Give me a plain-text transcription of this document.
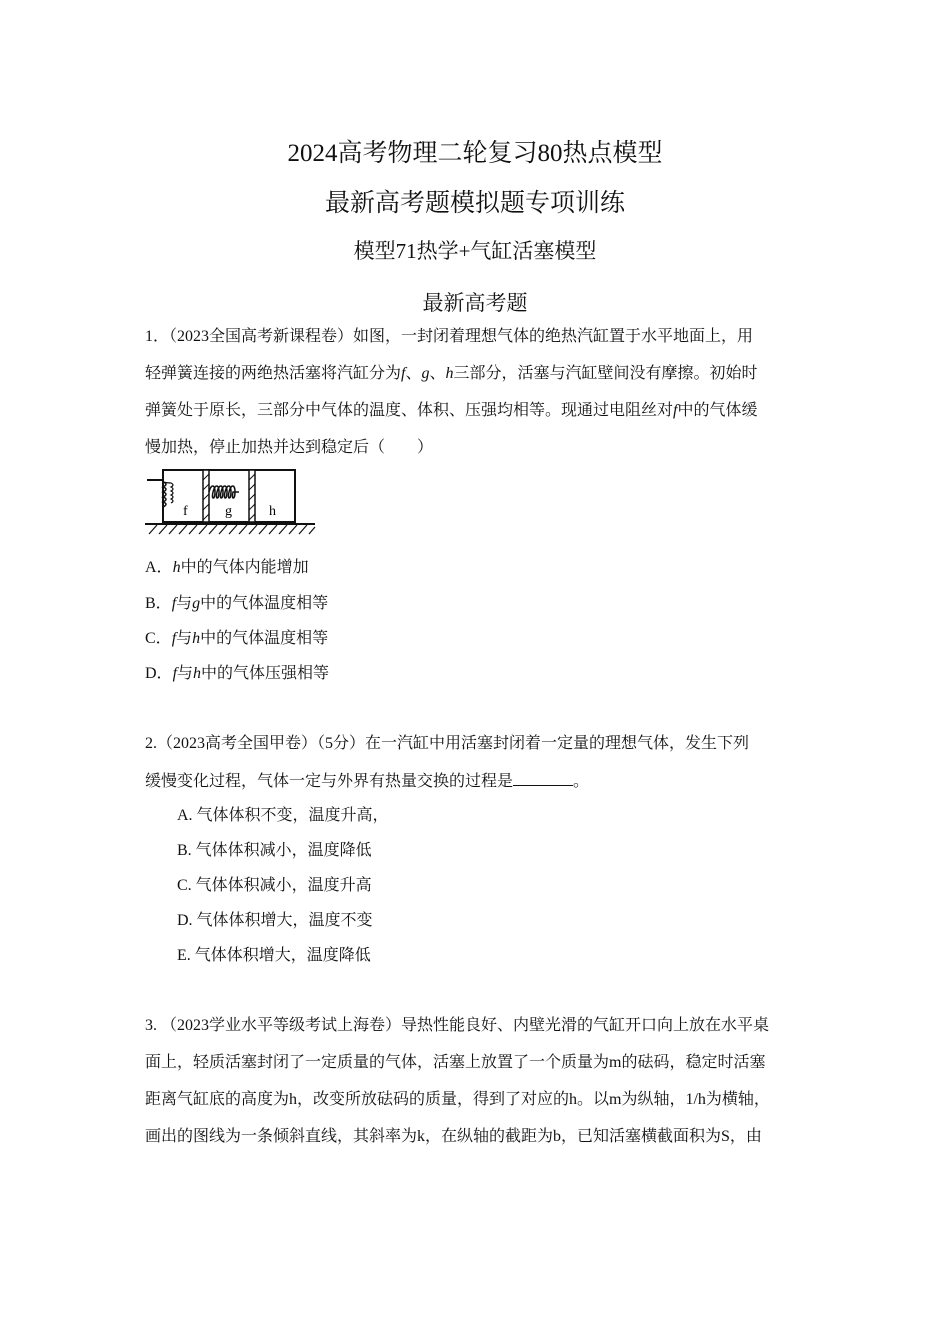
2024高考物理二轮复习80热点模型
最新高考题模拟题专项训练
模型71热学+气缸活塞模型
最新高考题
1．（2023全国高考新课程卷）如图，一封闭着理想气体的绝热汽缸置于水平地面上，用
轻弹簧连接的两绝热活塞将汽缸分为f、g、h三部分，活塞与汽缸壁间没有摩擦。初始时
弹簧处于原长，三部分中气体的温度、体积、压强均相等。现通过电阻丝对f中的气体缓
慢加热，停止加热并达到稳定后（　　）
f	g	h
A．h中的气体内能增加
B．f与g中的气体温度相等
C．f与h中的气体温度相等
D．f与h中的气体压强相等
2.（2023高考全国甲卷）（5分）在一汽缸中用活塞封闭着一定量的理想气体，发生下列
缓慢变化过程，气体一定与外界有热量交换的过程是	。
A. 气体体积不变，温度升高，
B. 气体体积减小，温度降低
C. 气体体积减小，温度升高
D. 气体体积增大，温度不变
E. 气体体积增大，温度降低
3. （2023学业水平等级考试上海卷）导热性能良好、内壁光滑的气缸开口向上放在水平桌
面上，轻质活塞封闭了一定质量的气体，活塞上放置了一个质量为m的砝码，稳定时活塞
距离气缸底的高度为h，改变所放砝码的质量，得到了对应的h。以m为纵轴，1/h为横轴，
画出的图线为一条倾斜直线，其斜率为k，在纵轴的截距为b，已知活塞横截面积为S，由
